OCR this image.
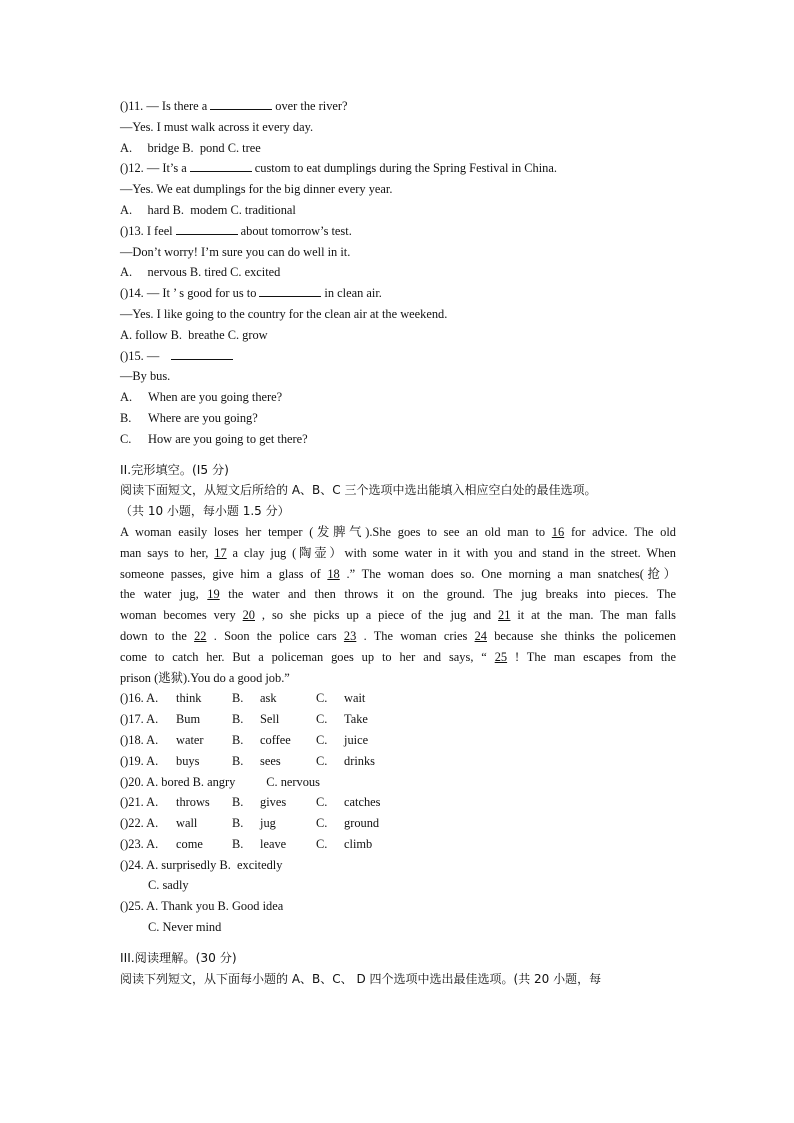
()11. — Is there a	over the river?
—Yes. I must walk across it every day.
A.     bridge B.  pond C. tree
()12. — It’s a	custom to eat dumplings during the Spring Festival in China.
—Yes. We eat dumplings for the big dinner every year.
A.     hard B.  modem C. traditional
()13. I feel	about tomorrow’s test.
—Don’t worry! I’m sure you can do well in it.
A.     nervous B. tired C. excited
()14. — It ’ s good for us to	in clean air.
—Yes. I like going to the country for the clean air at the weekend.
A. follow B.  breathe C. grow
()15. —
—By bus.
A. When are you going there?
B. Where are you going?
C. How are you going to get there?
II.完形填空。(I5 分)
阅读下面短文，从短文后所给的 A、B、C 三个选项中选出能填入相应空白处的最佳选项。
（共 10 小题，每小题 1.5 分）
A woman easily loses her temper (发脾气).She goes to see an old man to 16 for advice. The old
man says to her, 17 a clay jug (陶壶）with some water in it with you and stand in the street. When
someone passes, give him a glass of 18 .” The woman does so. One morning a man snatches(抢）
the water jug, 19 the water and then throws it on the ground. The jug breaks into pieces. The
woman becomes very 20 , so she picks up a piece of the jug and 21 it at the man. The man falls
down to the 22 . Soon the police cars 23 . The woman cries 24 because she thinks the policemen
come to catch her. But a policeman goes up to her and says, “ 25 ! The man escapes from the
prison (逃狱).You do a good job.”
()16. A. think B. ask	C. wait
()17. A. Bum	B. Sell	C. Take
()18. A. water B. coffee C. juice
()19. A. buys	B. sees	C. drinks
()20. A. bored B. angry          C. nervous
()21. A. throws B. gives C. catches
()22. A. wall	B. jug	C. ground
()23. A. come B. leave C. climb
()24. A. surprisedly B.  excitedly
C. sadly
()25. A. Thank you B. Good idea
C. Never mind
III.阅读理解。(30 分)
阅读下列短文，从下面每小题的 A、B、C、 D 四个选项中选出最佳选项。(共 20 小题，每
